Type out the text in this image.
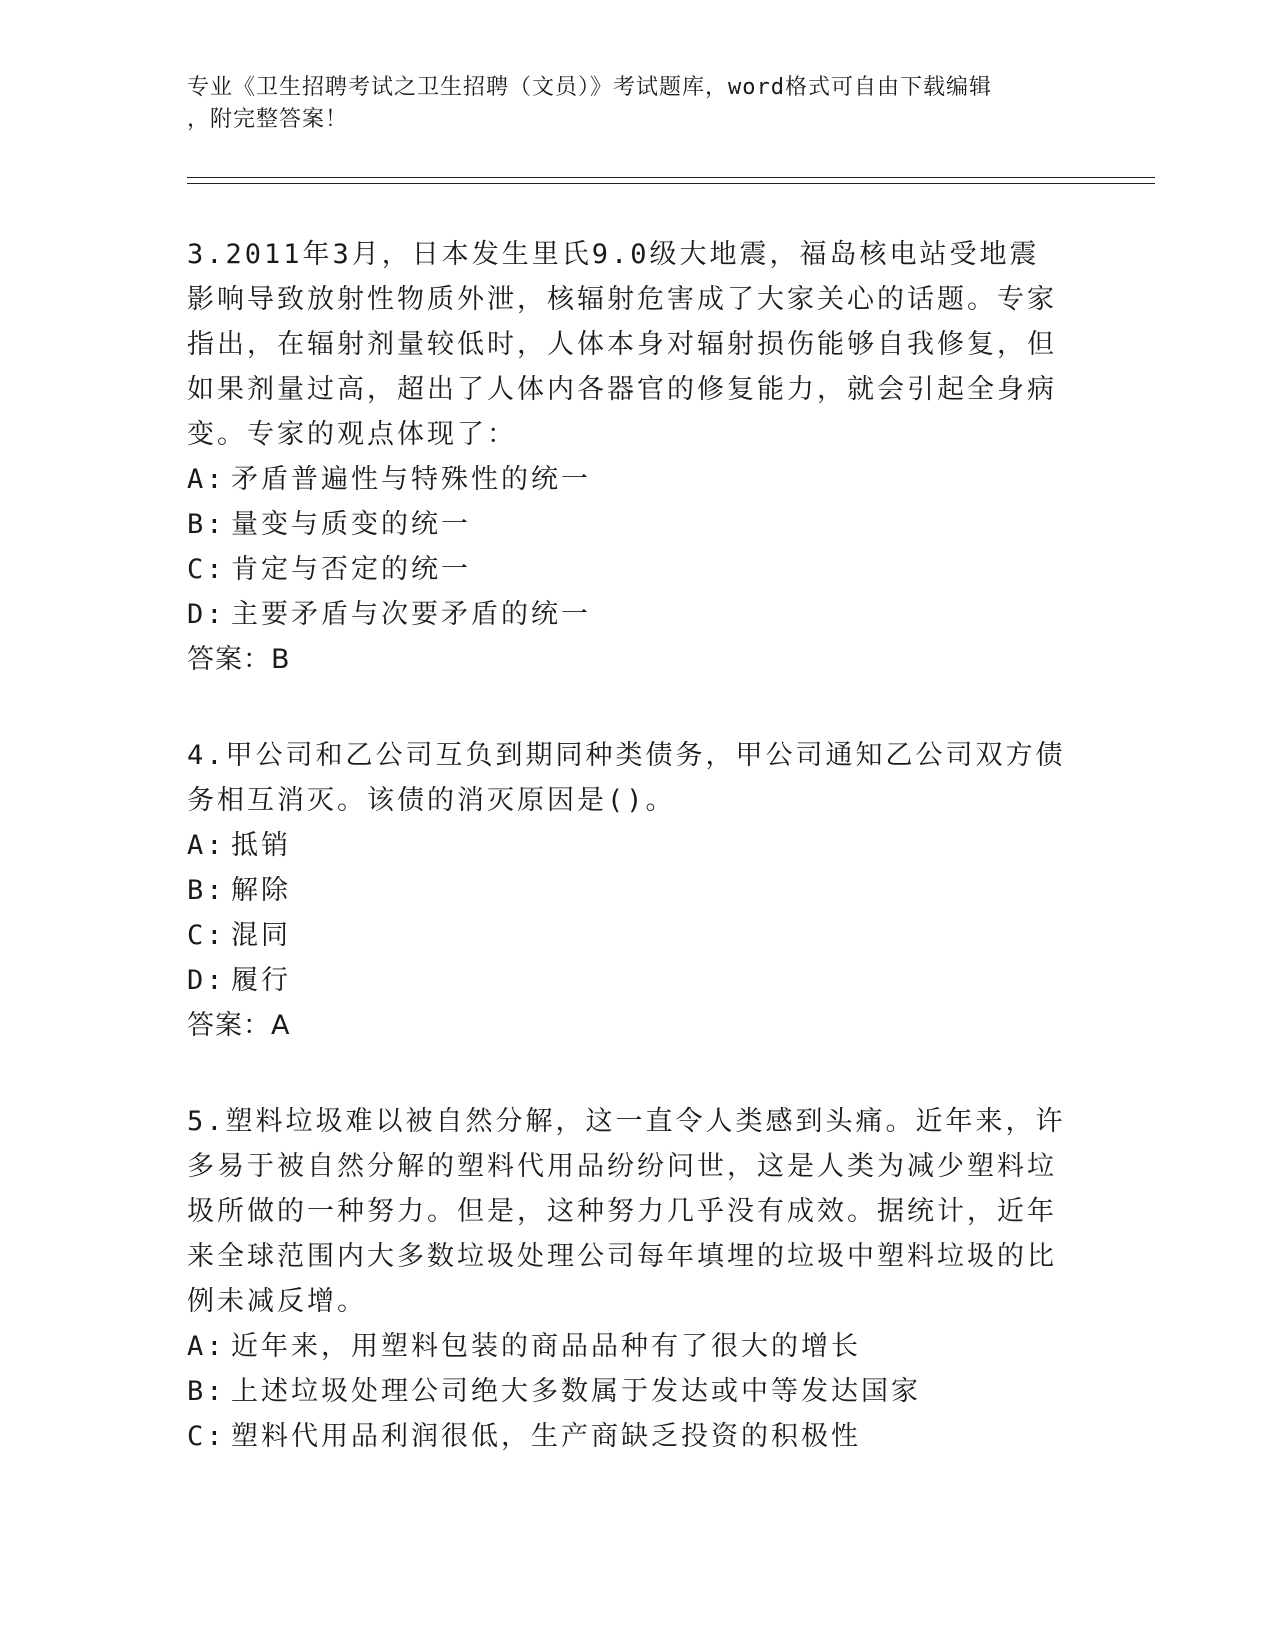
专业《卫生招聘考试之卫生招聘（文员）》考试题库，word格式可自由下载编辑
，附完整答案！

3.2011年3月，日本发生里氏9.0级大地震，福岛核电站受地震影响导致放射性物质外泄，核辐射危害成了大家关心的话题。专家指出，在辐射剂量较低时，人体本身对辐射损伤能够自我修复，但如果剂量过高，超出了人体内各器官的修复能力，就会引起全身病变。专家的观点体现了：

A: 矛盾普遍性与特殊性的统一

B: 量变与质变的统一

C: 肯定与否定的统一

D: 主要矛盾与次要矛盾的统一

答案：B

4.甲公司和乙公司互负到期同种类债务，甲公司通知乙公司双方债务相互消灭。该债的消灭原因是()。

A: 抵销

B: 解除

C: 混同

D: 履行

答案：A

5.塑料垃圾难以被自然分解，这一直令人类感到头痛。近年来，许多易于被自然分解的塑料代用品纷纷问世，这是人类为减少塑料垃圾所做的一种努力。但是，这种努力几乎没有成效。据统计，近年来全球范围内大多数垃圾处理公司每年填埋的垃圾中塑料垃圾的比例未减反增。

A: 近年来，用塑料包装的商品品种有了很大的增长

B: 上述垃圾处理公司绝大多数属于发达或中等发达国家

C: 塑料代用品利润很低，生产商缺乏投资的积极性
